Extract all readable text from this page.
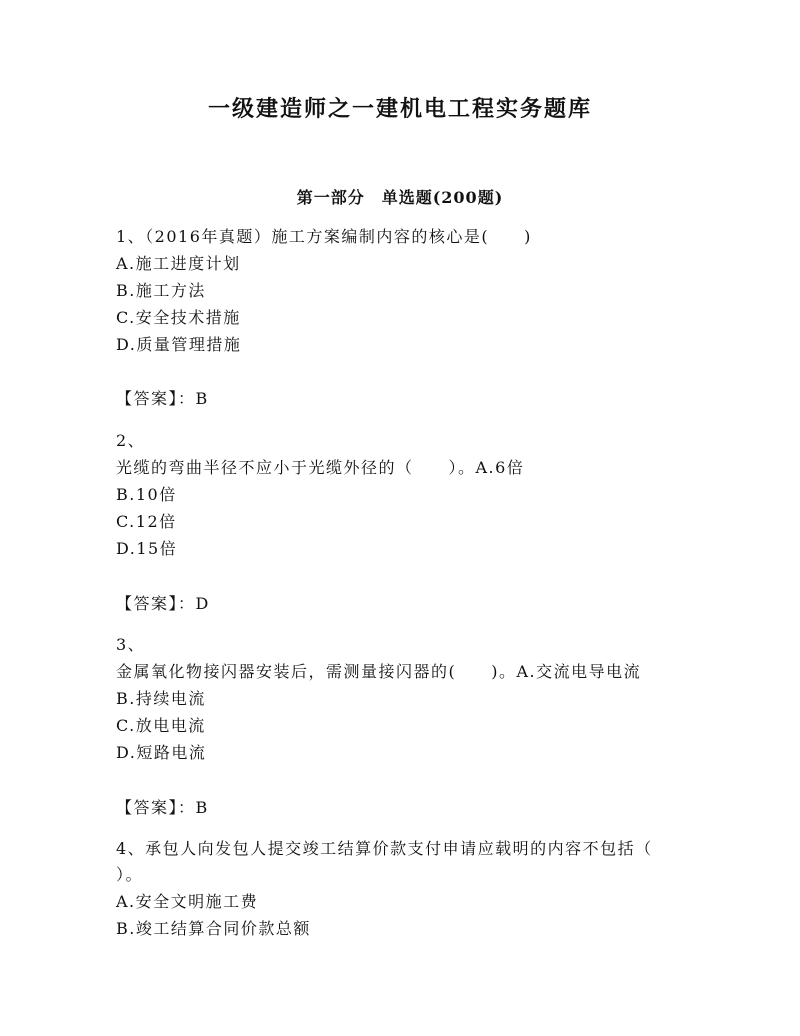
一级建造师之一建机电工程实务题库
第一部分　单选题(200题)
1、（2016年真题）施工方案编制内容的核心是(　　)
A.施工进度计划
B.施工方法
C.安全技术措施
D.质量管理措施
【答案】：B
2、
光缆的弯曲半径不应小于光缆外径的（　　）。A.6倍
B.10倍
C.12倍
D.15倍
【答案】：D
3、
金属氧化物接闪器安装后，需测量接闪器的(　　)。A.交流电导电流
B.持续电流
C.放电电流
D.短路电流
【答案】：B
4、承包人向发包人提交竣工结算价款支付申请应载明的内容不包括（
）。
A.安全文明施工费
B.竣工结算合同价款总额
